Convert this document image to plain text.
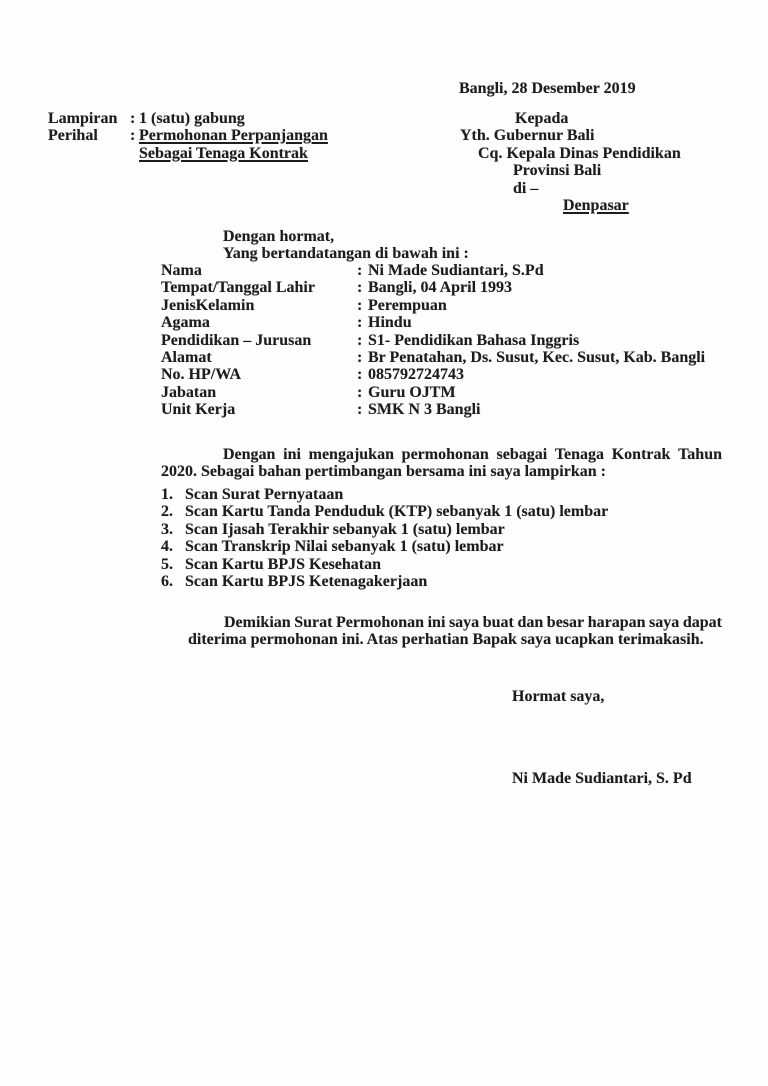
Bangli, 28 Desember 2019
Lampiran : 1 (satu) gabung
Perihal : Permohonan Perpanjangan
Sebagai Tenaga Kontrak
Kepada
Yth. Gubernur Bali
Cq. Kepala Dinas Pendidikan
Provinsi Bali
di –
Denpasar
Dengan hormat,
Yang bertandatangan di bawah ini :
Nama	: Ni Made Sudiantari, S.Pd
Tempat/Tanggal Lahir	: Bangli, 04 April 1993
JenisKelamin	: Perempuan
Agama	: Hindu
Pendidikan – Jurusan	: S1- Pendidikan Bahasa Inggris
Alamat	: Br Penatahan, Ds. Susut, Kec. Susut, Kab. Bangli
No. HP/WA	: 085792724743
Jabatan	: Guru OJTM
Unit Kerja	: SMK N 3 Bangli
Dengan ini mengajukan permohonan sebagai Tenaga Kontrak Tahun
2020. Sebagai bahan pertimbangan bersama ini saya lampirkan :
1. Scan Surat Pernyataan
2. Scan Kartu Tanda Penduduk (KTP) sebanyak 1 (satu) lembar
3. Scan Ijasah Terakhir sebanyak 1 (satu) lembar
4. Scan Transkrip Nilai sebanyak 1 (satu) lembar
5. Scan Kartu BPJS Kesehatan
6. Scan Kartu BPJS Ketenagakerjaan
Demikian Surat Permohonan ini saya buat dan besar harapan saya dapat
diterima permohonan ini. Atas perhatian Bapak saya ucapkan terimakasih.
Hormat saya,
Ni Made Sudiantari, S. Pd
